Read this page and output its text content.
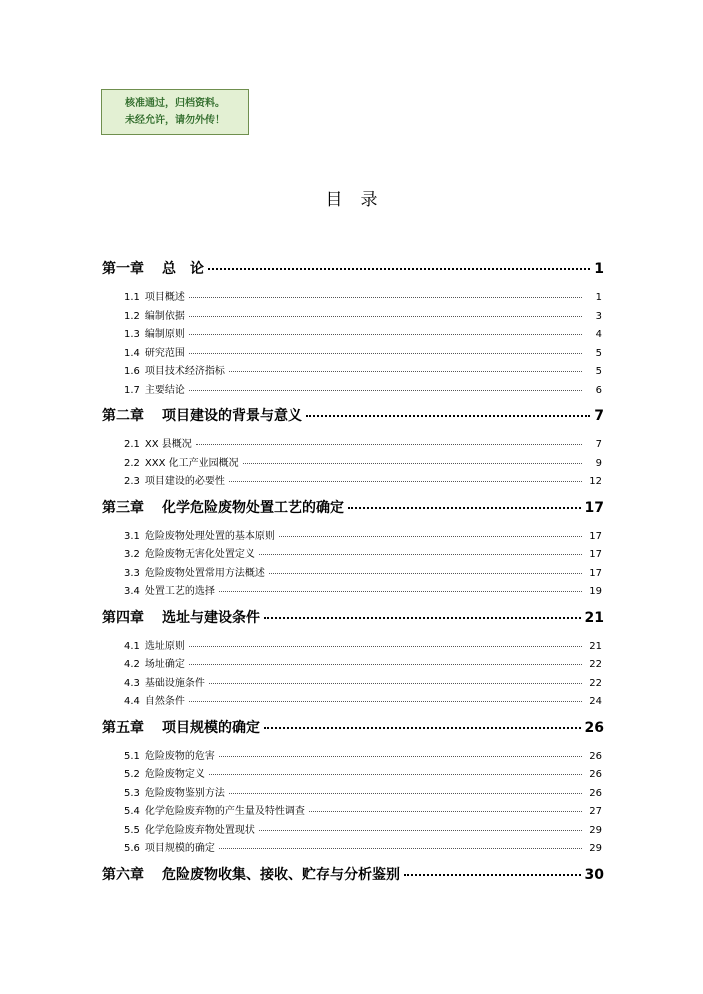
核准通过，归档资料。
未经允许，请勿外传！
目录
第一章 总　论	1
1.1 项目概述	1
1.2 编制依据	3
1.3 编制原则	4
1.4 研究范围	5
1.6 项目技术经济指标	5
1.7 主要结论	6
第二章 项目建设的背景与意义	7
2.1 XX 县概况	7
2.2 XXX 化工产业园概况	9
2.3 项目建设的必要性	12
第三章 化学危险废物处置工艺的确定	17
3.1 危险废物处理处置的基本原则	17
3.2 危险废物无害化处置定义	17
3.3 危险废物处置常用方法概述	17
3.4 处置工艺的选择	19
第四章 选址与建设条件	21
4.1 选址原则	21
4.2 场址确定	22
4.3 基础设施条件	22
4.4 自然条件	24
第五章 项目规模的确定	26
5.1 危险废物的危害	26
5.2 危险废物定义	26
5.3 危险废物鉴别方法	26
5.4 化学危险废弃物的产生量及特性调查	27
5.5 化学危险废弃物处置现状	29
5.6 项目规模的确定	29
第六章 危险废物收集、接收、贮存与分析鉴别	30
